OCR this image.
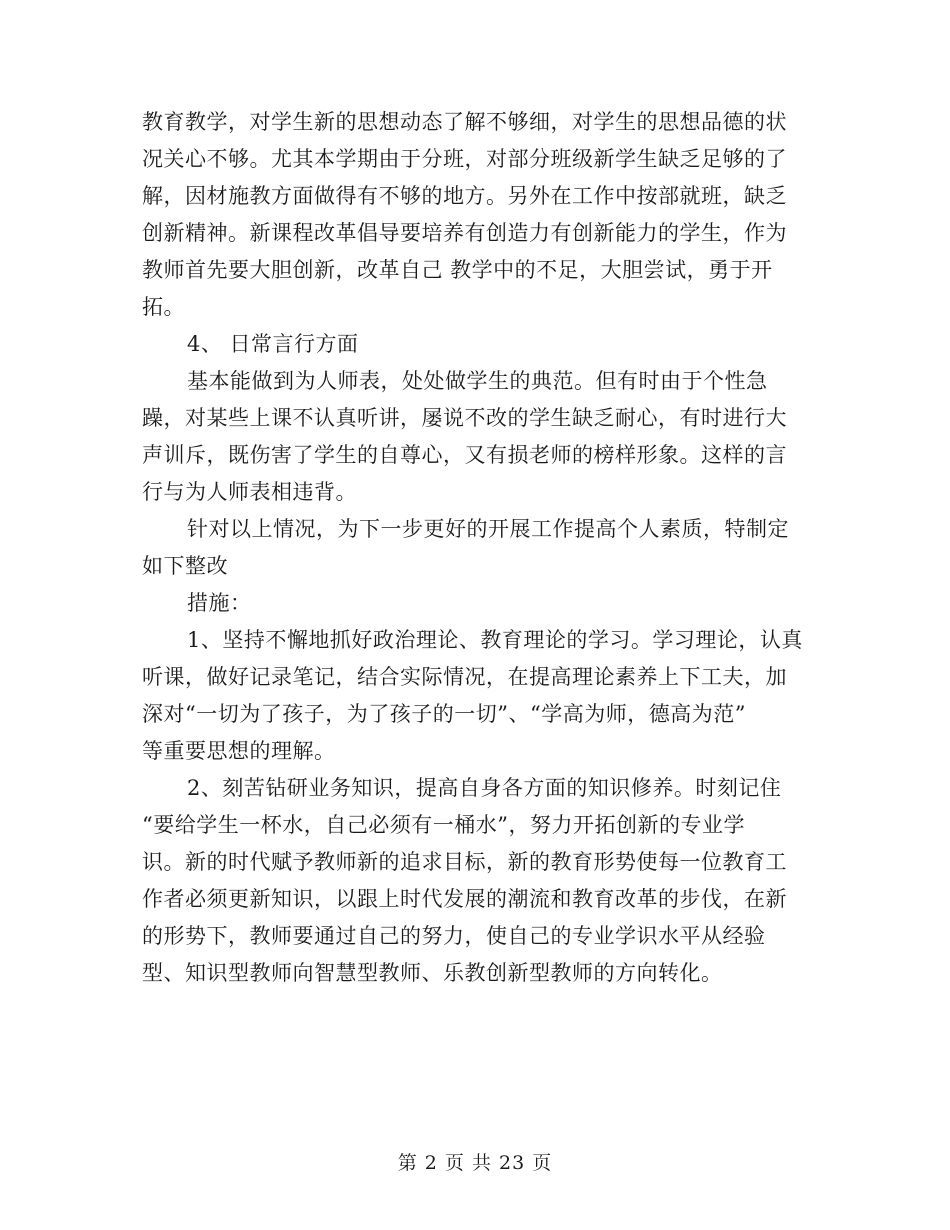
教育教学，对学生新的思想动态了解不够细，对学生的思想品德的状
况关心不够。尤其本学期由于分班，对部分班级新学生缺乏足够的了
解，因材施教方面做得有不够的地方。另外在工作中按部就班，缺乏
创新精神。新课程改革倡导要培养有创造力有创新能力的学生，作为
教师首先要大胆创新，改革自己 教学中的不足，大胆尝试，勇于开
拓。
4、 日常言行方面
基本能做到为人师表，处处做学生的典范。但有时由于个性急
躁，对某些上课不认真听讲，屡说不改的学生缺乏耐心，有时进行大
声训斥，既伤害了学生的自尊心，又有损老师的榜样形象。这样的言
行与为人师表相违背。
针对以上情况，为下一步更好的开展工作提高个人素质，特制定
如下整改
措施：
1、坚持不懈地抓好政治理论、教育理论的学习。学习理论，认真
听课，做好记录笔记，结合实际情况，在提高理论素养上下工夫，加
深对“一切为了孩子，为了孩子的一切”、“学高为师，德高为范”
等重要思想的理解。
2、刻苦钻研业务知识，提高自身各方面的知识修养。时刻记住
“要给学生一杯水，自己必须有一桶水”，努力开拓创新的专业学
识。新的时代赋予教师新的追求目标，新的教育形势使每一位教育工
作者必须更新知识，以跟上时代发展的潮流和教育改革的步伐，在新
的形势下，教师要通过自己的努力，使自己的专业学识水平从经验
型、知识型教师向智慧型教师、乐教创新型教师的方向转化。
第 2 页 共 23 页
